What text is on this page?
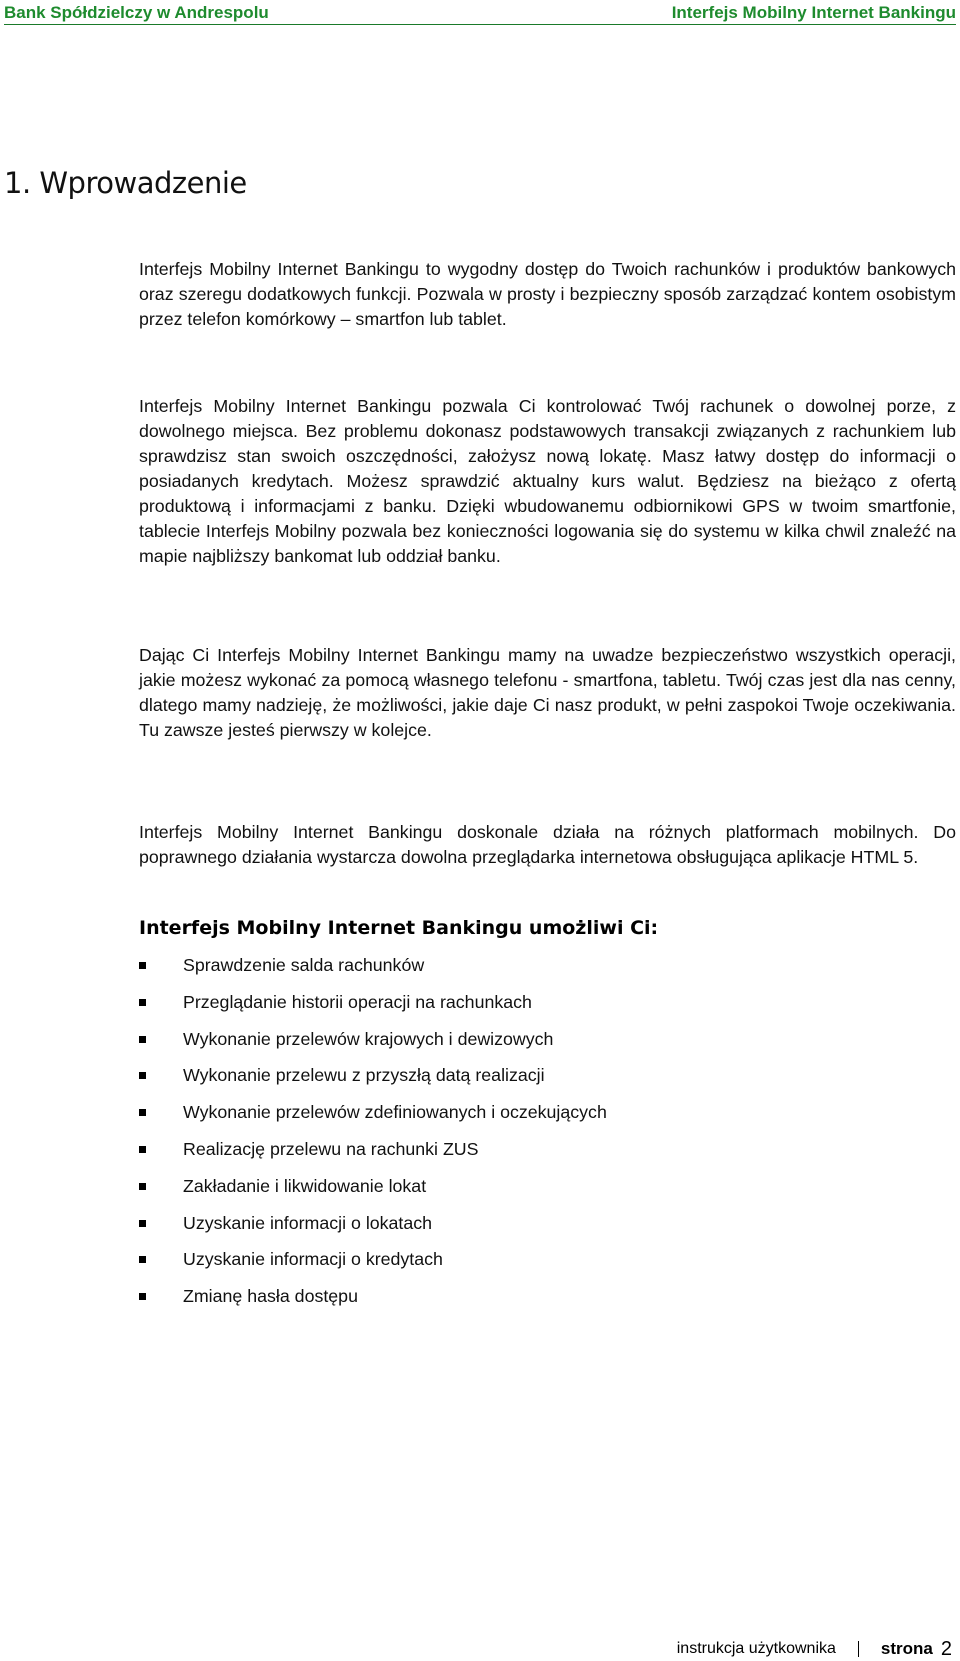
Bank Spółdzielczy w Andrespolu	Interfejs Mobilny Internet Bankingu
1. Wprowadzenie

Interfejs Mobilny Internet Bankingu to wygodny dostęp do Twoich rachunków i produktów bankowych oraz szeregu dodatkowych funkcji. Pozwala w prosty i bezpieczny sposób zarządzać kontem osobistym przez telefon komórkowy – smartfon lub tablet.

Interfejs Mobilny Internet Bankingu pozwala Ci kontrolować Twój rachunek o dowolnej porze, z dowolnego miejsca. Bez problemu dokonasz podstawowych transakcji związanych z rachunkiem lub sprawdzisz stan swoich oszczędności, założysz nową lokatę. Masz łatwy dostęp do informacji o posiadanych kredytach. Możesz sprawdzić aktualny kurs walut. Będziesz na bieżąco z ofertą produktową i informacjami z banku. Dzięki wbudowanemu odbiornikowi GPS w twoim smartfonie, tablecie Interfejs Mobilny pozwala bez konieczności logowania się do systemu w kilka chwil znaleźć na mapie najbliższy bankomat lub oddział banku.

Dając Ci Interfejs Mobilny Internet Bankingu mamy na uwadze bezpieczeństwo wszystkich operacji, jakie możesz wykonać za pomocą własnego telefonu - smartfona, tabletu. Twój czas jest dla nas cenny, dlatego mamy nadzieję, że możliwości, jakie daje Ci nasz produkt, w pełni zaspokoi Twoje oczekiwania. Tu zawsze jesteś pierwszy w kolejce.

Interfejs Mobilny Internet Bankingu doskonale działa na różnych platformach mobilnych. Do poprawnego działania wystarcza dowolna przeglądarka internetowa obsługująca aplikacje HTML 5.

Interfejs Mobilny Internet Bankingu umożliwi Ci:
Sprawdzenie salda rachunków
Przeglądanie historii operacji na rachunkach
Wykonanie przelewów krajowych i dewizowych
Wykonanie przelewu z przyszłą datą realizacji
Wykonanie przelewów zdefiniowanych i oczekujących
Realizację przelewu na rachunki ZUS
Zakładanie i likwidowanie lokat
Uzyskanie informacji o lokatach
Uzyskanie informacji o kredytach
Zmianę hasła dostępu
instrukcja użytkownika	strona 2
